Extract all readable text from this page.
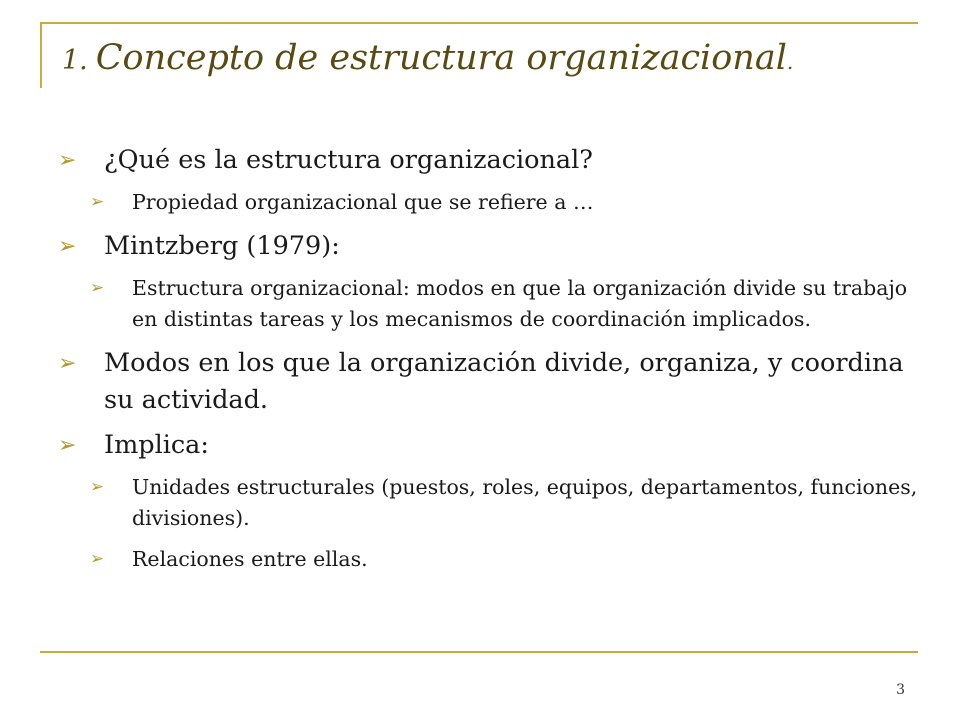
1. Concepto de estructura organizacional.
➢ ¿Qué es la estructura organizacional?
➢ Propiedad organizacional que se refiere a …
➢ Mintzberg (1979):
➢ Estructura organizacional: modos en que la organización divide su trabajo en distintas tareas y los mecanismos de coordinación implicados.
➢ Modos en los que la organización divide, organiza, y coordina su actividad.
➢ Implica:
➢ Unidades estructurales (puestos, roles, equipos, departamentos, funciones, divisiones).
➢ Relaciones entre ellas.
3
